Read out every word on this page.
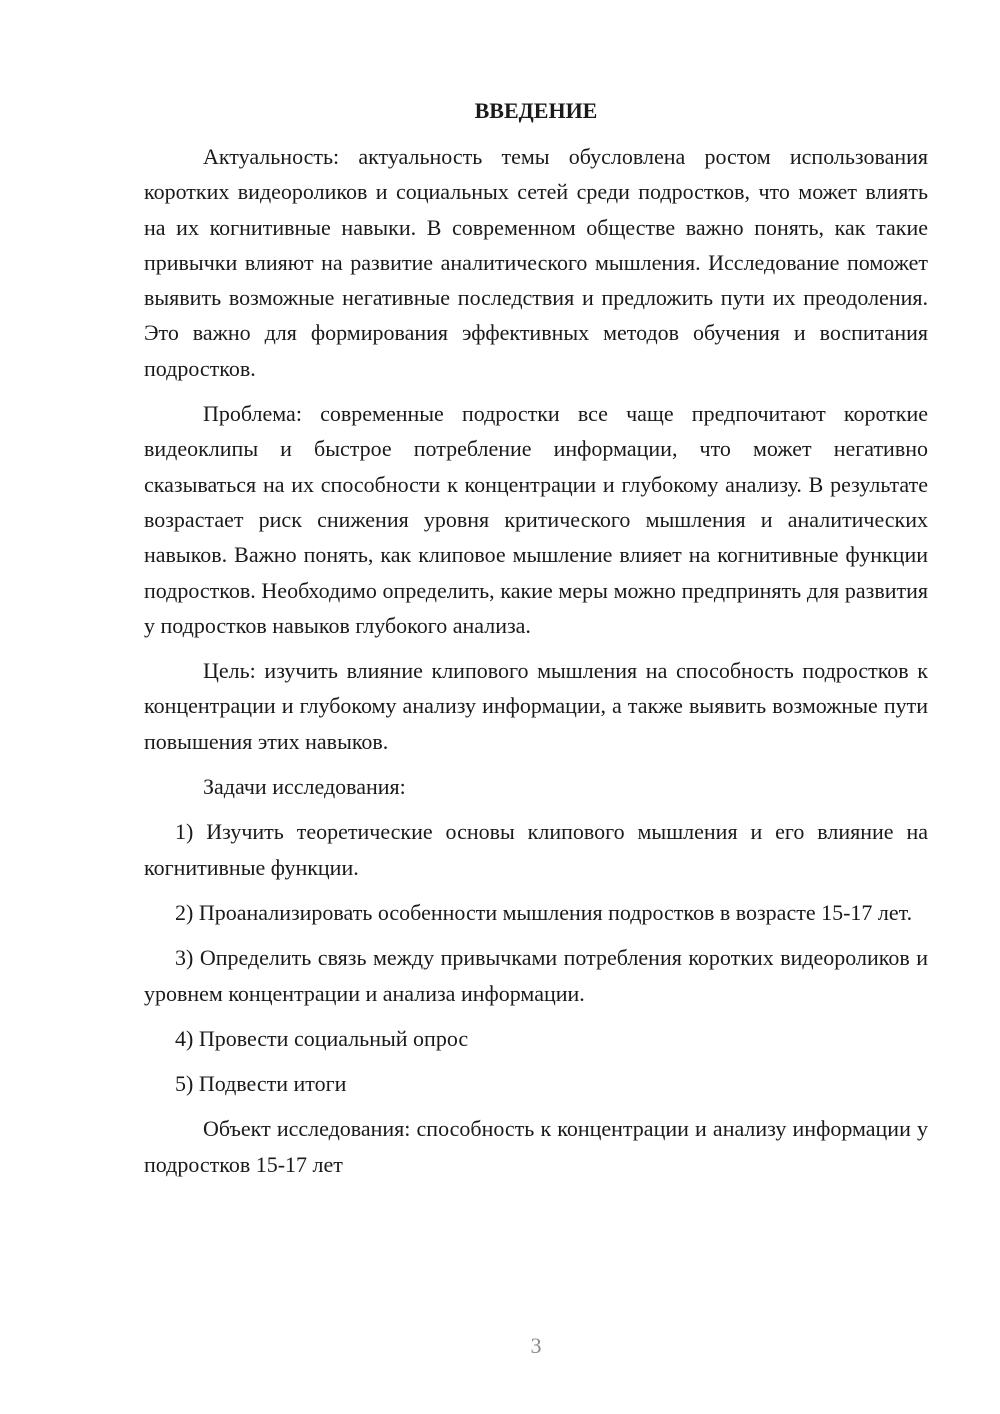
ВВЕДЕНИЕ

Актуальность: актуальность темы обусловлена ростом использования коротких видеороликов и социальных сетей среди подростков, что может влиять на их когнитивные навыки. В современном обществе важно понять, как такие привычки влияют на развитие аналитического мышления. Исследование поможет выявить возможные негативные последствия и предложить пути их преодоления. Это важно для формирования эффективных методов обучения и воспитания подростков.

Проблема: современные подростки все чаще предпочитают короткие видеоклипы и быстрое потребление информации, что может негативно сказываться на их способности к концентрации и глубокому анализу. В результате возрастает риск снижения уровня критического мышления и аналитических навыков. Важно понять, как клиповое мышление влияет на когнитивные функции подростков. Необходимо определить, какие меры можно предпринять для развития у подростков навыков глубокого анализа.

Цель: изучить влияние клипового мышления на способность подростков к концентрации и глубокому анализу информации, а также выявить возможные пути повышения этих навыков.

Задачи исследования:

1) Изучить теоретические основы клипового мышления и его влияние на когнитивные функции.

2) Проанализировать особенности мышления подростков в возрасте 15-17 лет.

3) Определить связь между привычками потребления коротких видеороликов и уровнем концентрации и анализа информации.

4) Провести социальный опрос

5) Подвести итоги

Объект исследования: способность к концентрации и анализу информации у подростков 15-17 лет

3
